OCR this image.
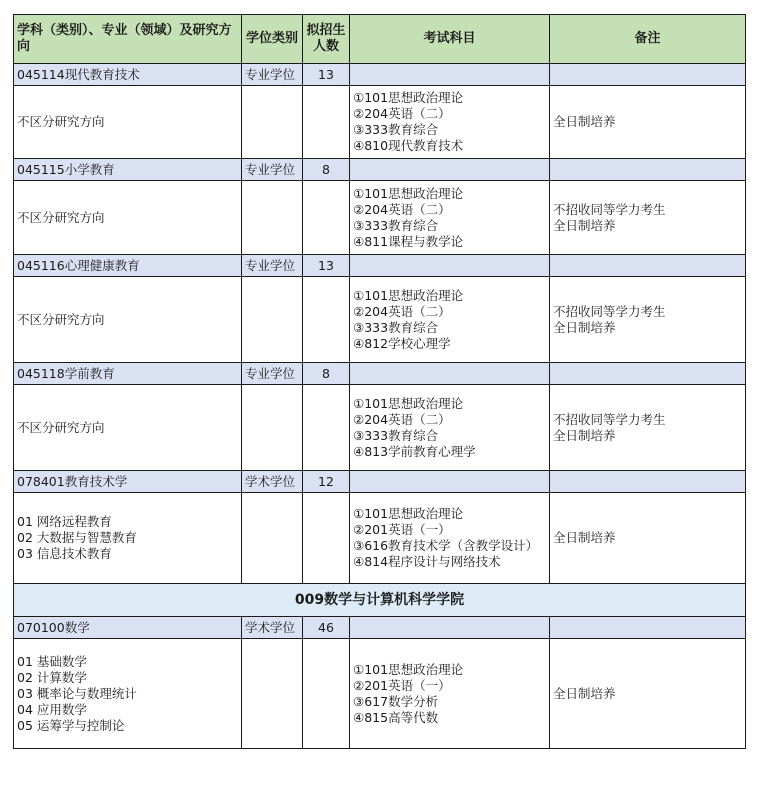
学科（类别）、专业（领域）及研究方向	学位类别	拟招生人数	考试科目	备注
045114现代教育技术	专业学位	13		

不区分研究方向			①101思想政治理论
②204英语（二）
③333教育综合
④810现代教育技术	全日制培养

045115小学教育	专业学位	8		

不区分研究方向			①101思想政治理论
②204英语（二）
③333教育综合
④811课程与教学论	不招收同等学力考生
全日制培养

045116心理健康教育	专业学位	13		

不区分研究方向			①101思想政治理论
②204英语（二）
③333教育综合
④812学校心理学	不招收同等学力考生
全日制培养

045118学前教育	专业学位	8		

不区分研究方向			①101思想政治理论
②204英语（二）
③333教育综合
④813学前教育心理学	不招收同等学力考生
全日制培养

078401教育技术学	学术学位	12		

01 网络远程教育
02 大数据与智慧教育
03 信息技术教育			①101思想政治理论
②201英语（一）
③616教育技术学（含教学设计）
④814程序设计与网络技术	全日制培养

009数学与计算机科学学院				
070100数学	学术学位	46		

01 基础数学
02 计算数学
03 概率论与数理统计
04 应用数学
05 运筹学与控制论			①101思想政治理论
②201英语（一）
③617数学分析
④815高等代数	全日制培养
